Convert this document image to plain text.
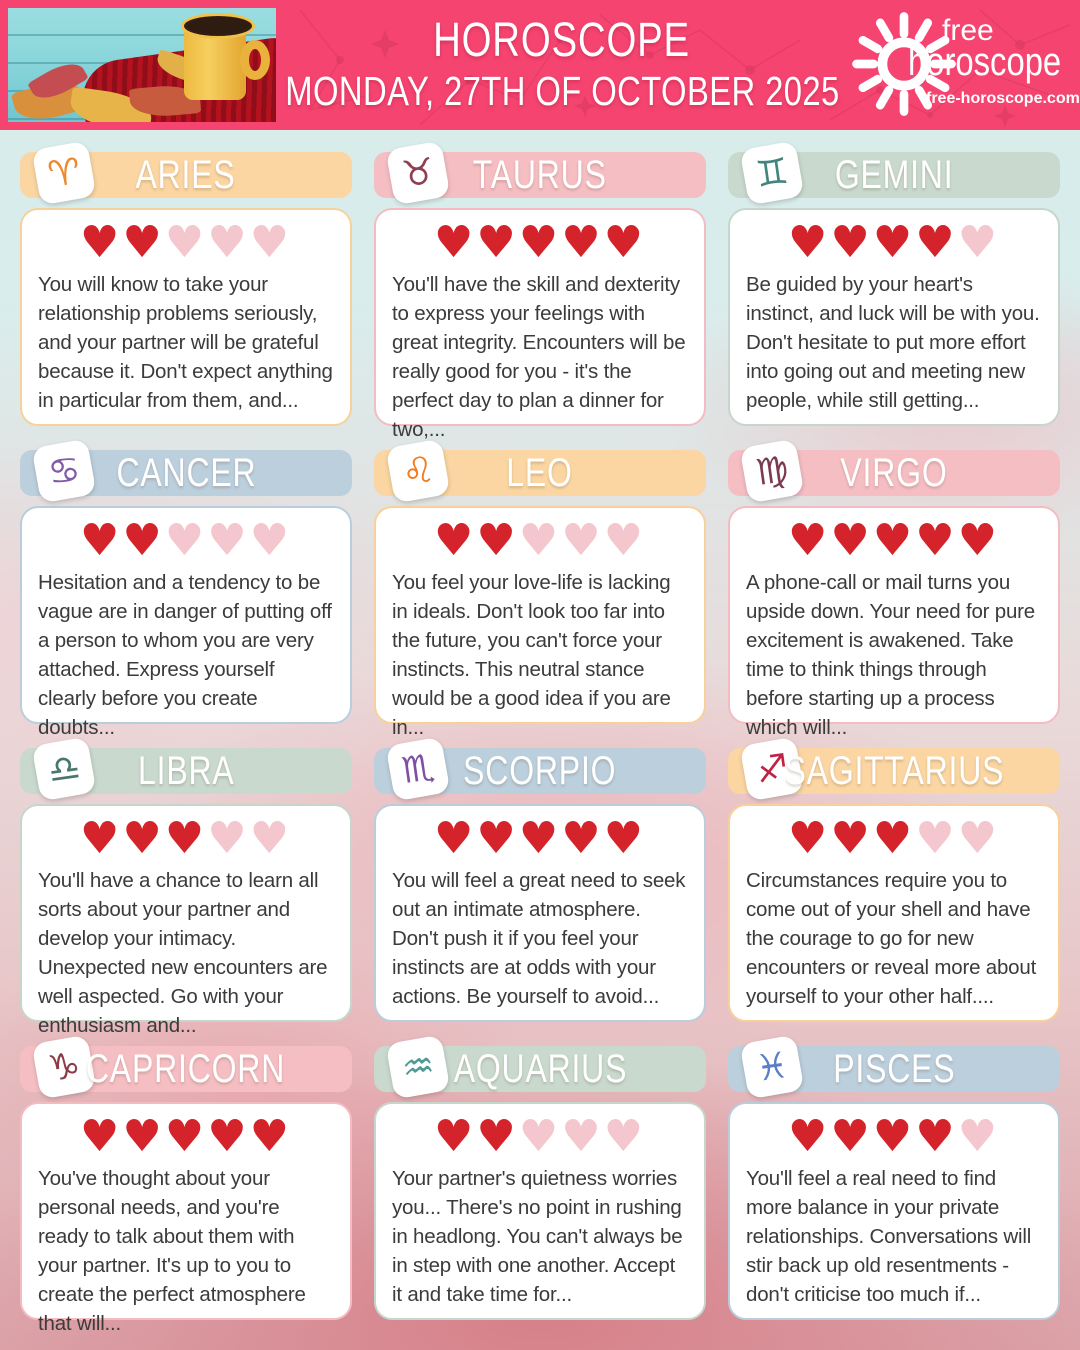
HOROSCOPE
MONDAY, 27TH OF OCTOBER 2025
free
horoscope
free-horoscope.com
♈ ARIES
♥♥♥♥♥

You will know to take your relationship problems seriously, and your partner will be grateful because it. Don't expect anything in particular from them, and...

♉ TAURUS
♥♥♥♥♥

You'll have the skill and dexterity to express your feelings with great integrity. Encounters will be really good for you - it's the perfect day to plan a dinner for two,...

♊ GEMINI
♥♥♥♥♥

Be guided by your heart's instinct, and luck will be with you. Don't hesitate to put more effort into going out and meeting new people, while still getting...

♋ CANCER
♥♥♥♥♥

Hesitation and a tendency to be vague are in danger of putting off a person to whom you are very attached. Express yourself clearly before you create doubts...

♌ LEO
♥♥♥♥♥

You feel your love-life is lacking in ideals. Don't look too far into the future, you can't force your instincts. This neutral stance would be a good idea if you are in...

♍ VIRGO
♥♥♥♥♥

A phone-call or mail turns you upside down. Your need for pure excitement is awakened. Take time to think things through before starting up a process which will...

♎ LIBRA
♥♥♥♥♥

You'll have a chance to learn all sorts about your partner and develop your intimacy. Unexpected new encounters are well aspected. Go with your enthusiasm and...

♏ SCORPIO
♥♥♥♥♥

You will feel a great need to seek out an intimate atmosphere. Don't push it if you feel your instincts are at odds with your actions. Be yourself to avoid...

♐
SAGITTARIUS
♥♥♥♥♥

Circumstances require you to come out of your shell and have the courage to go for new encounters or reveal more about yourself to your other half....

♑ CAPRICORN
♥♥♥♥♥

You've thought about your personal needs, and you're ready to talk about them with your partner. It's up to you to create the perfect atmosphere that will...

♒ AQUARIUS
♥♥♥♥♥

Your partner's quietness worries you... There's no point in rushing in headlong. You can't always be in step with one another. Accept it and take time for...

♓ PISCES
♥♥♥♥♥

You'll feel a real need to find more balance in your private relationships. Conversations will stir back up old resentments - don't criticise too much if...
